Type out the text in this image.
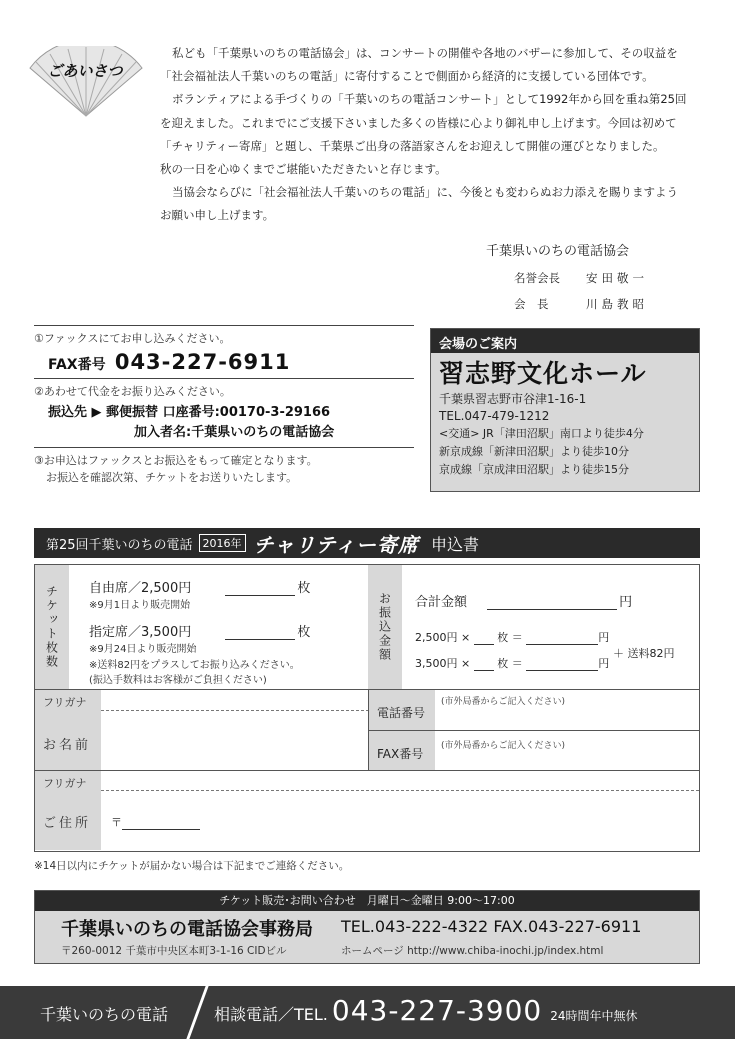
ごあいさつ

私ども「千葉県いのちの電話協会」は、コンサートの開催や各地のバザーに参加して、その収益を

「社会福祉法人千葉いのちの電話」に寄付することで側面から経済的に支援している団体です。

ボランティアによる手づくりの「千葉いのちの電話コンサート」として1992年から回を重ね第25回

を迎えました。これまでにご支援下さいました多くの皆様に心より御礼申し上げます。今回は初めて

「チャリティー寄席」と題し、千葉県ご出身の落語家さんをお迎えして開催の運びとなりました。

秋の一日を心ゆくまでご堪能いただきたいと存じます。

当協会ならびに「社会福祉法人千葉いのちの電話」に、今後とも変わらぬお力添えを賜りますよう

お願い申し上げます。

千葉県いのちの電話協会
名誉会長	安田敬一
会　長	川島教昭
①ファックスにてお申し込みください。
FAX番号 043-227-6911
②あわせて代金をお振り込みください。
振込先 ▶ 郵便振替 口座番号:00170-3-29166
加入者名:千葉県いのちの電話協会
③お申込はファックスとお振込をもって確定となります。
お振込を確認次第、チケットをお送りいたします。
会場のご案内
習志野文化ホール
千葉県習志野市谷津1-16-1
TEL.047-479-1212
<交通> JR「津田沼駅」南口より徒歩4分
新京成線「新津田沼駅」より徒歩10分
京成線「京成津田沼駅」より徒歩15分
第25回千葉いのちの電話 2016年 チャリティー寄席 申込書
チケット枚数 自由席／2,500円	枚
※9月1日より販売開始
指定席／3,500円	枚
※9月24日より販売開始
※送料82円をプラスしてお振り込みください。
(振込手数料はお客様がご負担ください)
お振込金額 合計金額	円
2,500円 × 枚 ＝	円
3,500円 × 枚 ＝	円
＋ 送料82円
フリガナ
お名前
電話番号
(市外局番からご記入ください)
FAX番号
(市外局番からご記入ください)
フリガナ
ご住所	〒
※14日以内にチケットが届かない場合は下記までご連絡ください。
チケット販売･お問い合わせ　月曜日～金曜日 9:00～17:00
千葉県いのちの電話協会事務局 TEL.043-222-4322 FAX.043-227-6911
〒260-0012 千葉市中央区本町3-1-16 CIDビル	ホームページ http://www.chiba-inochi.jp/index.html
千葉いのちの電話	相談電話／TEL. 043-227-3900 24時間年中無休
